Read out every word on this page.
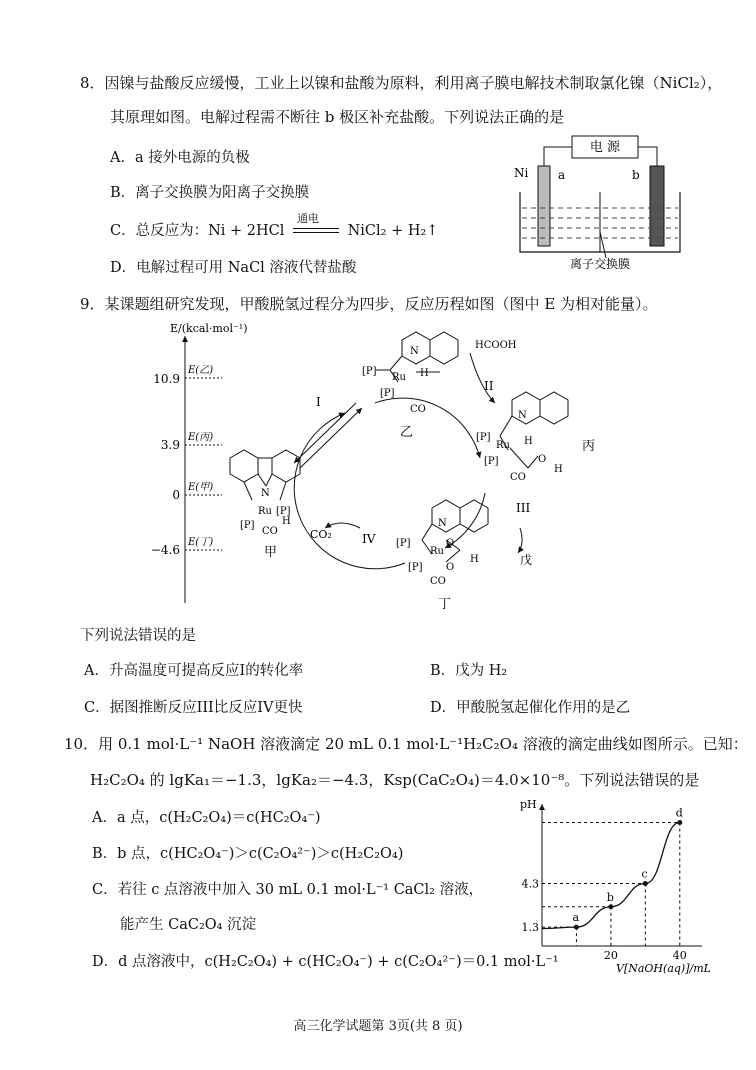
8．因镍与盐酸反应缓慢，工业上以镍和盐酸为原料，利用离子膜电解技术制取氯化镍（NiCl₂），
其原理如图。电解过程需不断往 b 极区补充盐酸。下列说法正确的是
A．a 接外电源的负极
B．离子交换膜为阳离子交换膜
C．总反应为：Ni + 2HCl
通电
NiCl₂ + H₂↑
D．电解过程可用 NaCl 溶液代替盐酸
电 源
Ni a	b
离子交换膜
9．某课题组研究发现，甲酸脱氢过程分为四步，反应历程如图（图中 E 为相对能量）。
E/(kcal·mol⁻¹)
10.9
3.9
0
−4.6
E(乙)
E(丙)
E(甲)
E(丁)
I
II
III
IV
HCOOH
CO₂
戊
N
[P]
Ru H
[P]
CO
乙
N
[P]
Ru H
[P]
CO
O
H
丙
N
Ru [P]
[P]	H
CO
甲
N
[P]
Ru
O
O
H
[P]
CO
丁
下列说法错误的是
A．升高温度可提高反应I的转化率	B．戊为 H₂
C．据图推断反应III比反应IV更快	D．甲酸脱氢起催化作用的是乙
10．用 0.1 mol·L⁻¹ NaOH 溶液滴定 20 mL 0.1 mol·L⁻¹H₂C₂O₄ 溶液的滴定曲线如图所示。已知：
H₂C₂O₄ 的 lgKa₁＝−1.3，lgKa₂＝−4.3，Ksp(CaC₂O₄)＝4.0×10⁻⁸。下列说法错误的是
A．a 点，c(H₂C₂O₄)＝c(HC₂O₄⁻)
B．b 点，c(HC₂O₄⁻)＞c(C₂O₄²⁻)＞c(H₂C₂O₄)
C．若往 c 点溶液中加入 30 mL 0.1 mol·L⁻¹ CaCl₂ 溶液，
能产生 CaC₂O₄ 沉淀
D．d 点溶液中，c(H₂C₂O₄) + c(HC₂O₄⁻) + c(C₂O₄²⁻)＝0.1 mol·L⁻¹
pH
V[NaOH(aq)]/mL
a
b
c
d
1.3
4.3
20	40
高三化学试题第 3页(共 8 页)
